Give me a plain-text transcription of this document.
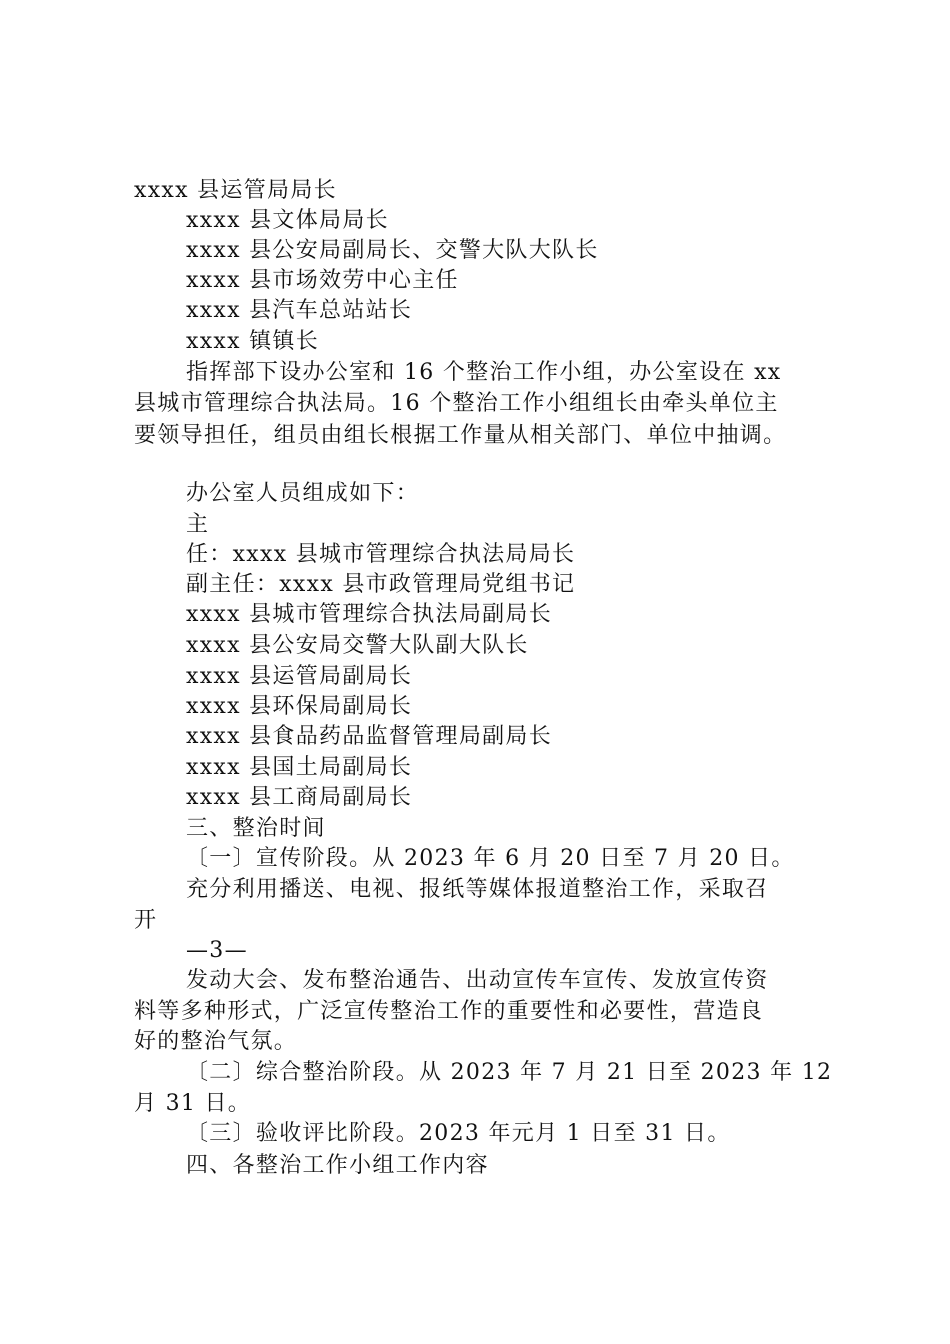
xxxx 县运管局局长
xxxx 县文体局局长
xxxx 县公安局副局长、交警大队大队长
xxxx 县市场效劳中心主任
xxxx 县汽车总站站长
xxxx 镇镇长
指挥部下设办公室和 16 个整治工作小组，办公室设在 xx
县城市管理综合执法局。16 个整治工作小组组长由牵头单位主
要领导担任，组员由组长根据工作量从相关部门、单位中抽调。
办公室人员组成如下：
主
任：xxxx 县城市管理综合执法局局长
副主任：xxxx 县市政管理局党组书记
xxxx 县城市管理综合执法局副局长
xxxx 县公安局交警大队副大队长
xxxx 县运管局副局长
xxxx 县环保局副局长
xxxx 县食品药品监督管理局副局长
xxxx 县国土局副局长
xxxx 县工商局副局长
三、整治时间
〔一〕宣传阶段。从 2023 年 6 月 20 日至 7 月 20 日。
充分利用播送、电视、报纸等媒体报道整治工作，采取召
开
—3—
发动大会、发布整治通告、出动宣传车宣传、发放宣传资
料等多种形式，广泛宣传整治工作的重要性和必要性，营造良
好的整治气氛。
〔二〕综合整治阶段。从 2023 年 7 月 21 日至 2023 年 12
月 31 日。
〔三〕验收评比阶段。2023 年元月 1 日至 31 日。
四、各整治工作小组工作内容
